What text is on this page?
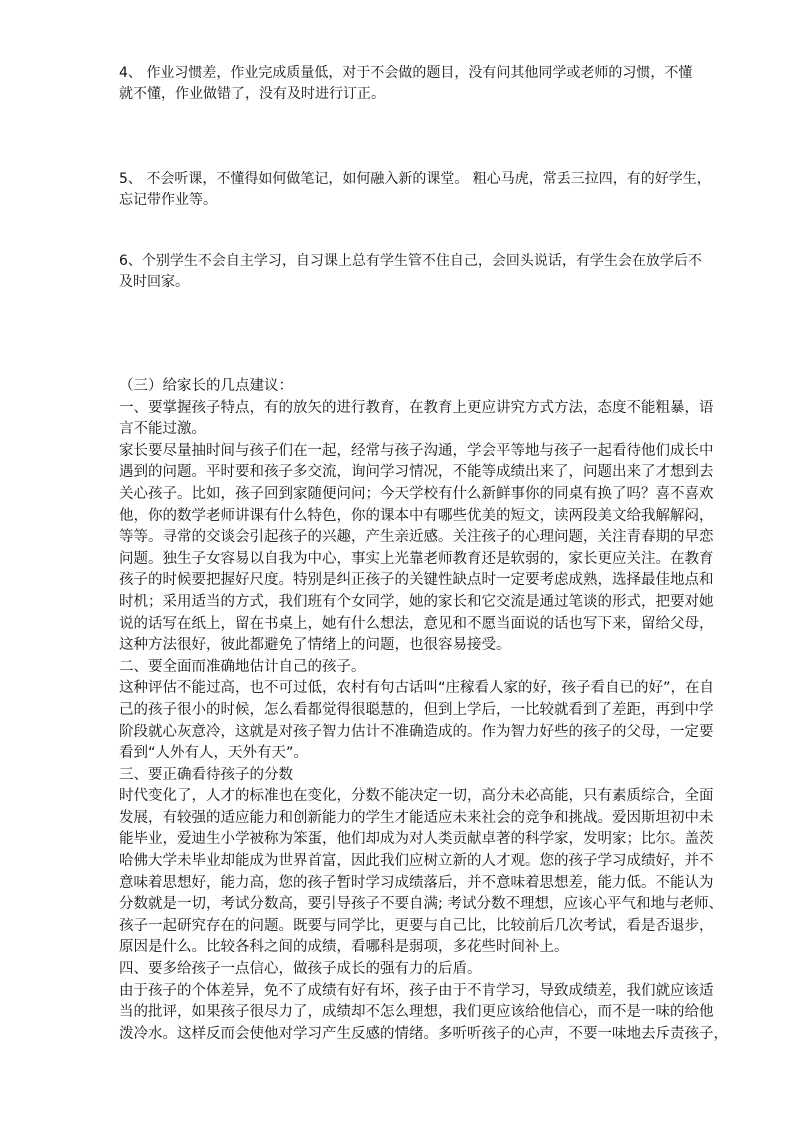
4、 作业习惯差，作业完成质量低，对于不会做的题目，没有问其他同学或老师的习惯，不懂
就不懂，作业做错了，没有及时进行订正。

5、 不会听课，不懂得如何做笔记，如何融入新的课堂。 粗心马虎，常丢三拉四，有的好学生，
忘记带作业等。

6、个别学生不会自主学习，自习课上总有学生管不住自己，会回头说话，有学生会在放学后不
及时回家。

（三）给家长的几点建议：
一、要掌握孩子特点，有的放矢的进行教育，在教育上更应讲究方式方法，态度不能粗暴，语
言不能过激。
家长要尽量抽时间与孩子们在一起，经常与孩子沟通，学会平等地与孩子一起看待他们成长中
遇到的问题。平时要和孩子多交流，询问学习情况，不能等成绩出来了，问题出来了才想到去
关心孩子。比如，孩子回到家随便问问；今天学校有什么新鲜事你的同桌有换了吗？喜不喜欢
他，你的数学老师讲课有什么特色，你的课本中有哪些优美的短文，读两段美文给我解解闷，
等等。寻常的交谈会引起孩子的兴趣，产生亲近感。关注孩子的心理问题，关注青春期的早恋
问题。独生子女容易以自我为中心，事实上光靠老师教育还是软弱的，家长更应关注。在教育
孩子的时候要把握好尺度。特别是纠正孩子的关键性缺点时一定要考虑成熟，选择最佳地点和
时机；采用适当的方式，我们班有个女同学，她的家长和它交流是通过笔谈的形式，把要对她
说的话写在纸上，留在书桌上，她有什么想法，意见和不愿当面说的话也写下来，留给父母，
这种方法很好，彼此都避免了情绪上的问题，也很容易接受。
二、要全面而准确地估计自己的孩子。
这种评估不能过高，也不可过低，农村有句古话叫“庄稼看人家的好，孩子看自已的好”，在自
己的孩子很小的时候，怎么看都觉得很聪慧的，但到上学后，一比较就看到了差距，再到中学
阶段就心灰意冷，这就是对孩子智力估计不准确造成的。作为智力好些的孩子的父母，一定要
看到“人外有人，天外有天”。
三、要正确看待孩子的分数
时代变化了，人才的标准也在变化，分数不能决定一切，高分未必高能，只有素质综合，全面
发展，有较强的适应能力和创新能力的学生才能适应未来社会的竞争和挑战。爱因斯坦初中未
能毕业，爱迪生小学被称为笨蛋，他们却成为对人类贡献卓著的科学家，发明家；比尔。盖茨
哈佛大学未毕业却能成为世界首富，因此我们应树立新的人才观。您的孩子学习成绩好，并不
意味着思想好，能力高，您的孩子暂时学习成绩落后，并不意味着思想差，能力低。不能认为
分数就是一切，考试分数高，要引导孩子不要自满; 考试分数不理想，应该心平气和地与老师、
孩子一起研究存在的问题。既要与同学比，更要与自己比，比较前后几次考试，看是否退步，
原因是什么。比较各科之间的成绩，看哪科是弱项，多花些时间补上。
四、要多给孩子一点信心，做孩子成长的强有力的后盾。
由于孩子的个体差异，免不了成绩有好有坏，孩子由于不肯学习，导致成绩差，我们就应该适
当的批评，如果孩子很尽力了，成绩却不怎么理想，我们更应该给他信心，而不是一味的给他
泼冷水。这样反而会使他对学习产生反感的情绪。多听听孩子的心声，不要一味地去斥责孩子，
